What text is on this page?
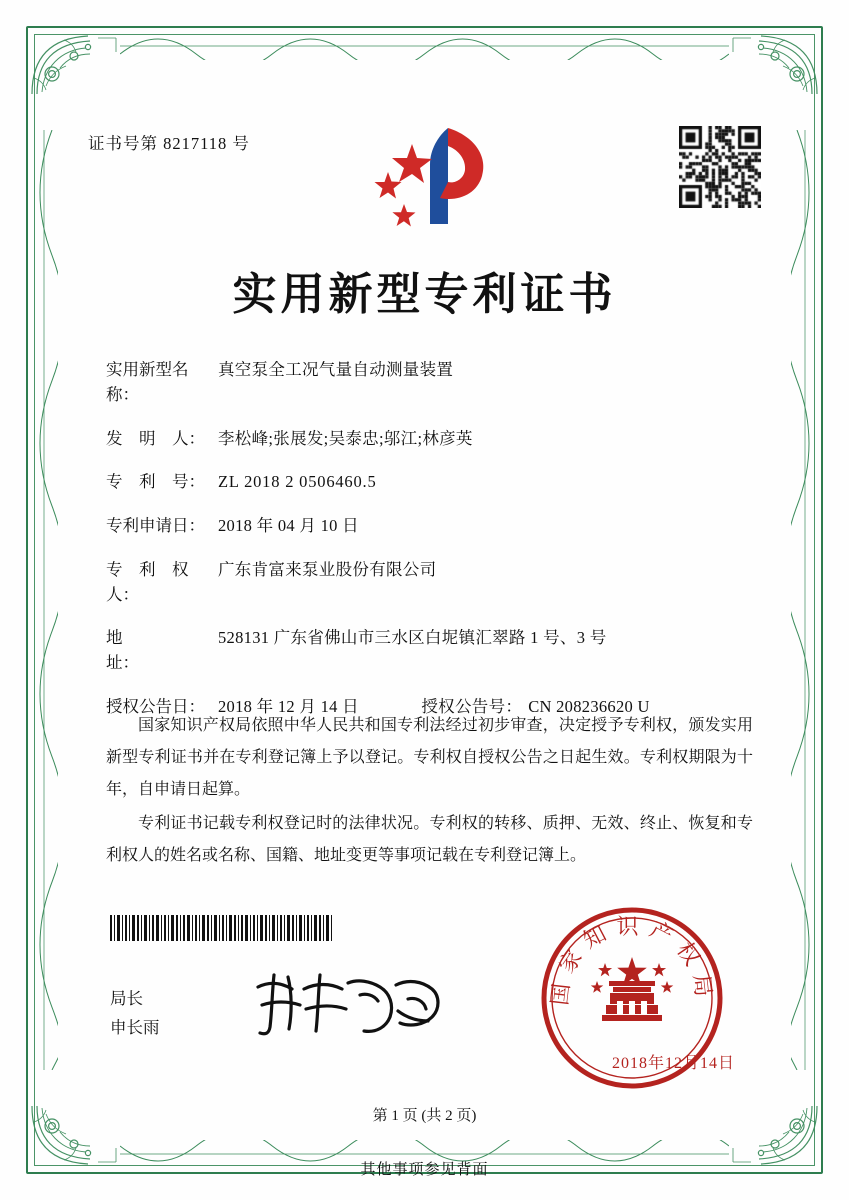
证书号第 8217118 号
实用新型专利证书
实用新型名称：
真空泵全工况气量自动测量装置
发　明　人： 李松峰;张展发;吴泰忠;邬江;林彦英
专　利　号： ZL 2018 2 0506460.5
专利申请日： 2018 年 04 月 10 日
专　利　权　人：
广东肯富来泵业股份有限公司
地　　　　址：
528131 广东省佛山市三水区白坭镇汇翠路 1 号、3 号
授权公告日： 2018 年 12 月 14 日	授权公告号： CN 208236620 U

国家知识产权局依照中华人民共和国专利法经过初步审查，决定授予专利权，颁发实用新型专利证书并在专利登记簿上予以登记。专利权自授权公告之日起生效。专利权期限为十年，自申请日起算。

专利证书记载专利权登记时的法律状况。专利权的转移、质押、无效、终止、恢复和专利权人的姓名或名称、国籍、地址变更等事项记载在专利登记簿上。

局长
申长雨
国家知识产权局
2018年12月14日
第 1 页 (共 2 页)
其他事项参见背面
